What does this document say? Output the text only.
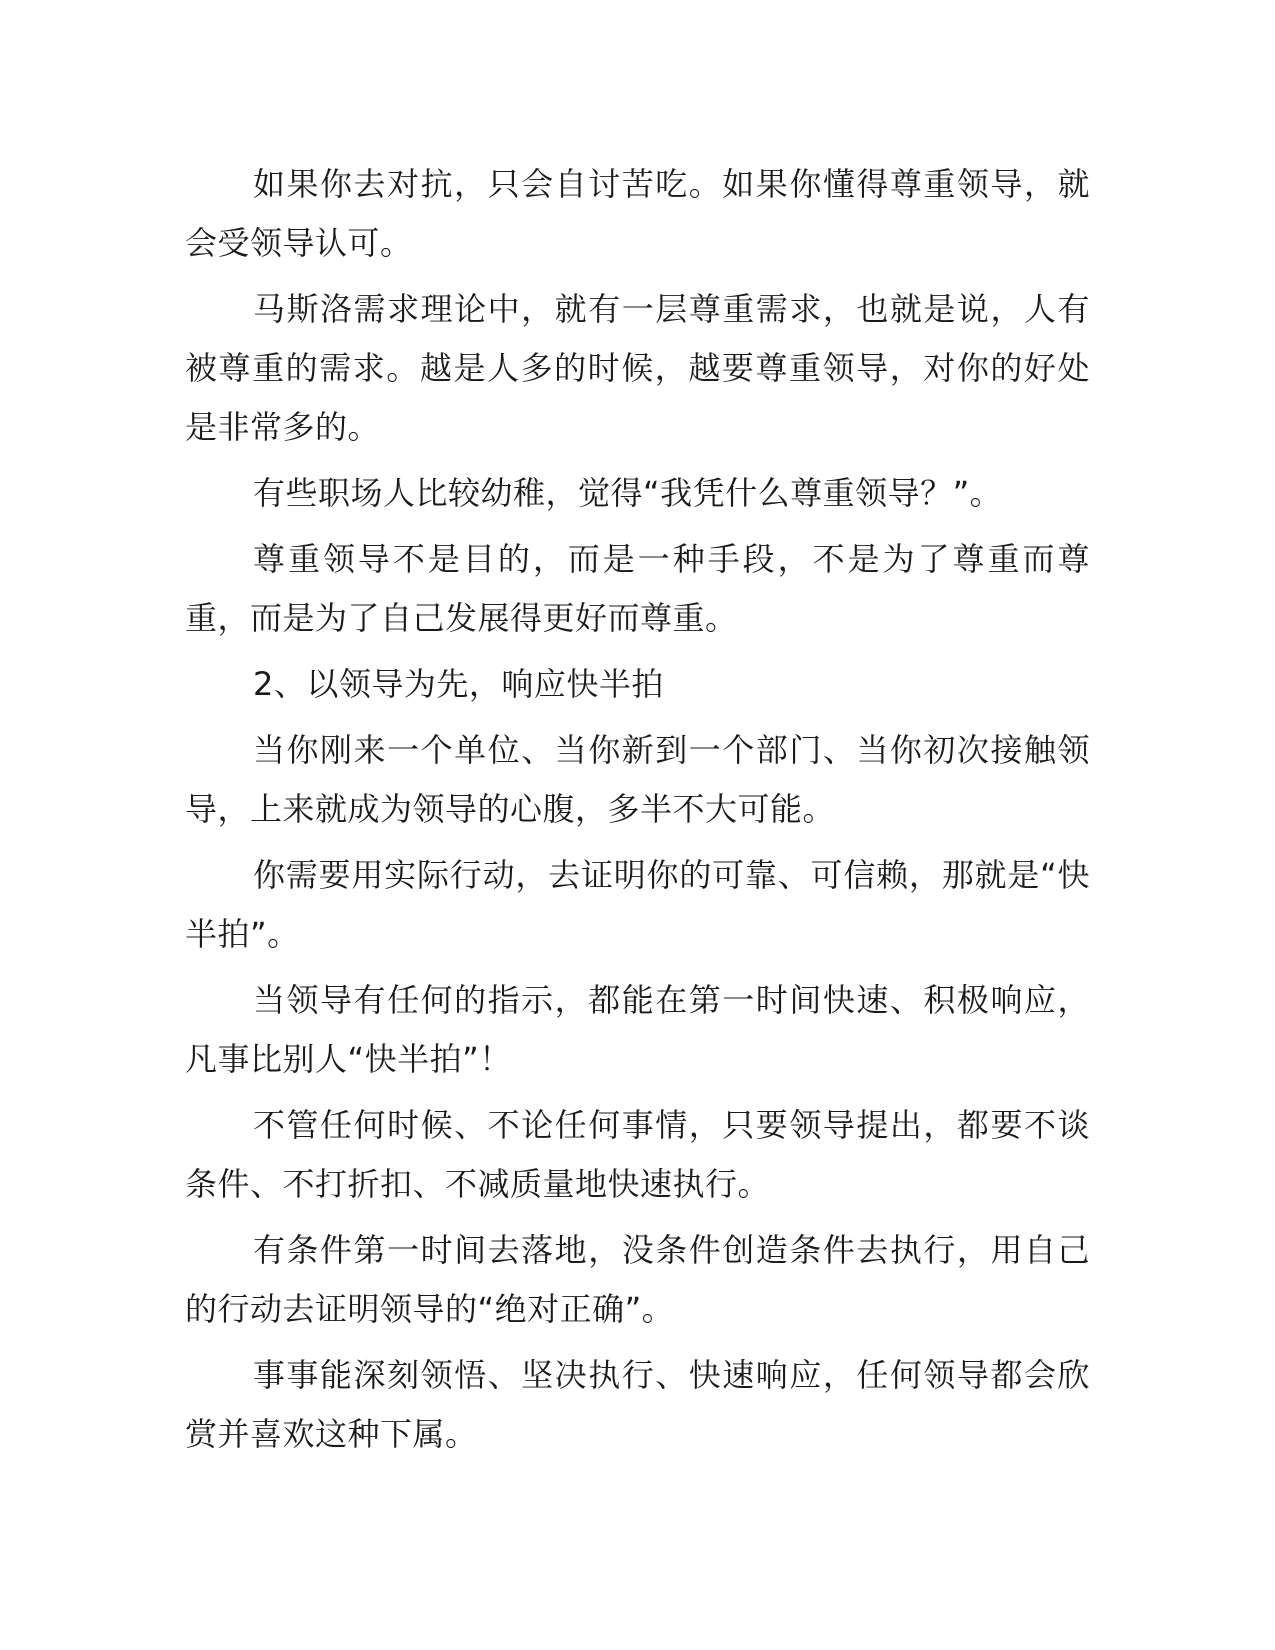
如果你去对抗，只会自讨苦吃。如果你懂得尊重领导，就会受领导认可。

马斯洛需求理论中，就有一层尊重需求，也就是说，人有被尊重的需求。越是人多的时候，越要尊重领导，对你的好处是非常多的。

有些职场人比较幼稚，觉得“我凭什么尊重领导？”。

尊重领导不是目的，而是一种手段，不是为了尊重而尊重，而是为了自己发展得更好而尊重。

2、以领导为先，响应快半拍

当你刚来一个单位、当你新到一个部门、当你初次接触领导，上来就成为领导的心腹，多半不大可能。

你需要用实际行动，去证明你的可靠、可信赖，那就是“快半拍”。

当领导有任何的指示，都能在第一时间快速、积极响应，凡事比别人“快半拍”！

不管任何时候、不论任何事情，只要领导提出，都要不谈条件、不打折扣、不减质量地快速执行。

有条件第一时间去落地，没条件创造条件去执行，用自己的行动去证明领导的“绝对正确”。

事事能深刻领悟、坚决执行、快速响应，任何领导都会欣赏并喜欢这种下属。
